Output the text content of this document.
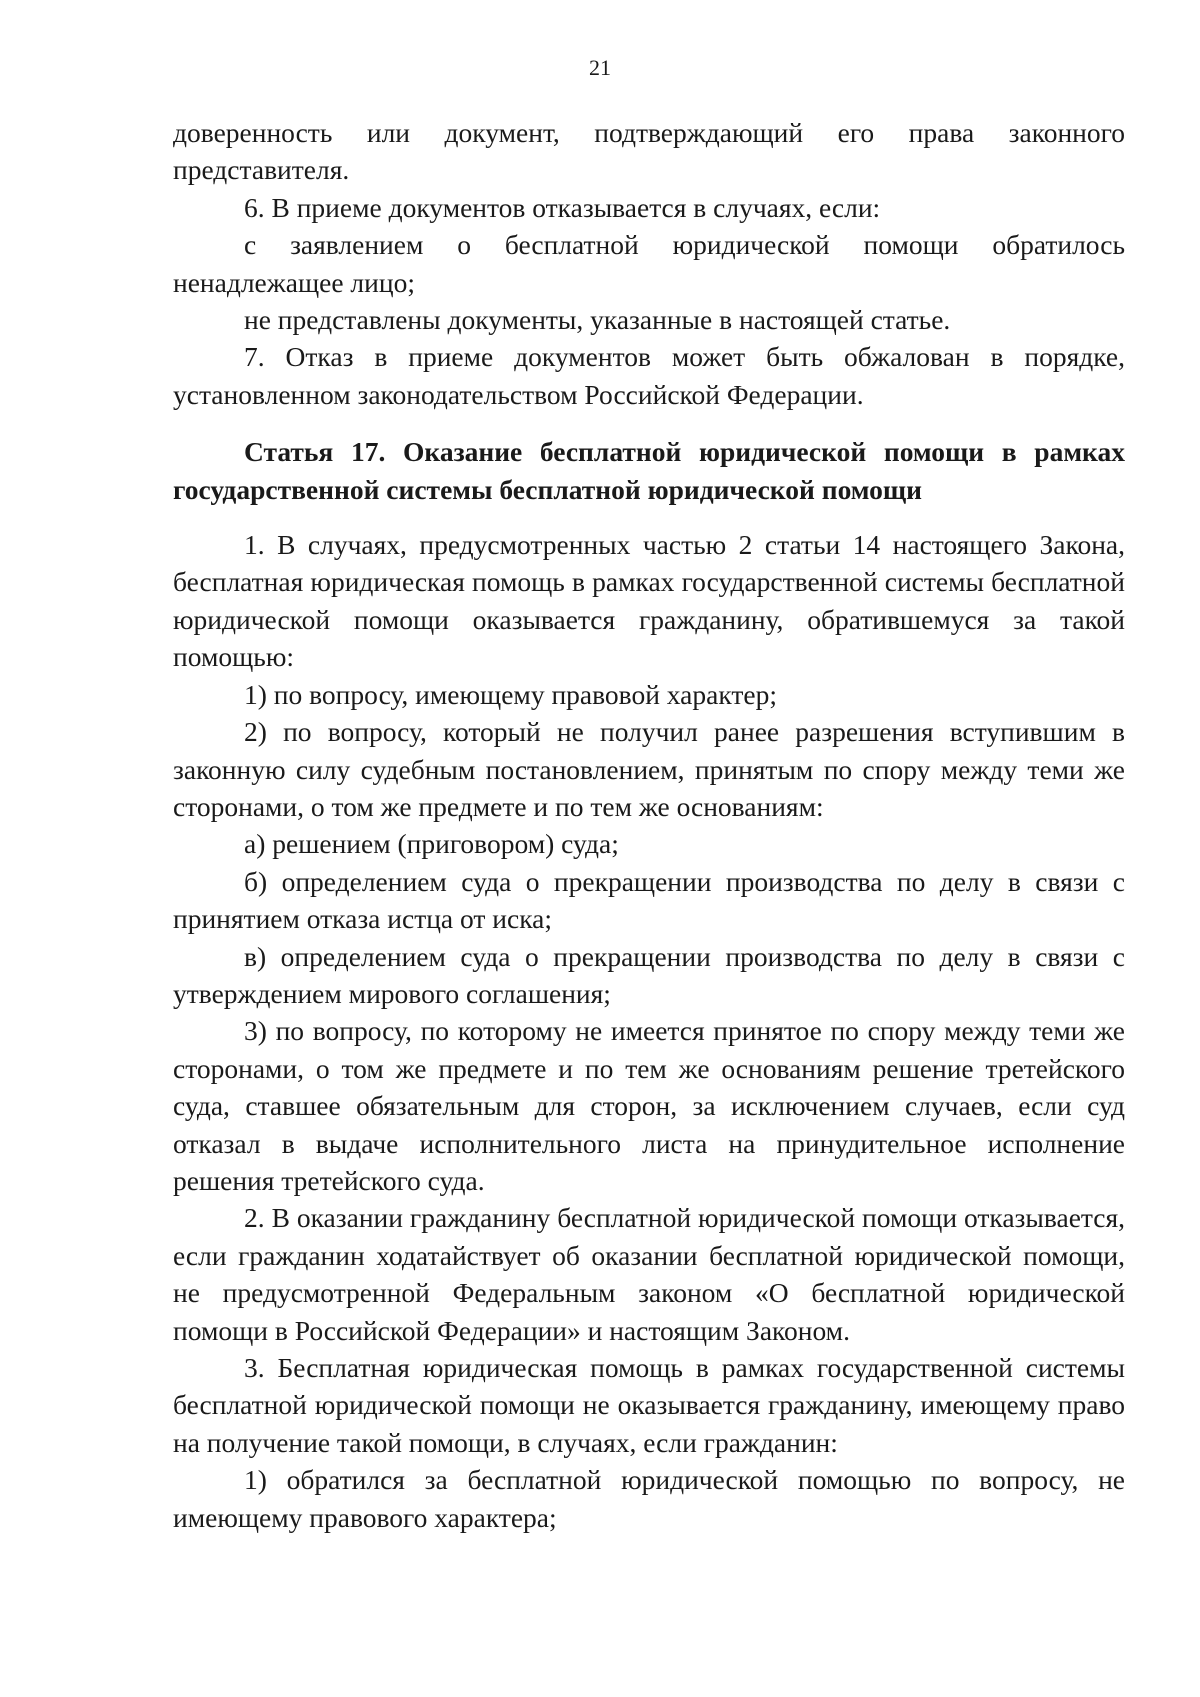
21

доверенность или документ, подтверждающий его права законного представителя.

6. В приеме документов отказывается в случаях, если:

с заявлением о бесплатной юридической помощи обратилось ненадлежащее лицо;

не представлены документы, указанные в настоящей статье.

7. Отказ в приеме документов может быть обжалован в порядке, установленном законодательством Российской Федерации.

Статья 17. Оказание бесплатной юридической помощи в рамках государственной системы бесплатной юридической помощи

1. В случаях, предусмотренных частью 2 статьи 14 настоящего Закона, бесплатная юридическая помощь в рамках государственной системы бесплатной юридической помощи оказывается гражданину, обратившемуся за такой помощью:

1) по вопросу, имеющему правовой характер;

2) по вопросу, который не получил ранее разрешения вступившим в законную силу судебным постановлением, принятым по спору между теми же сторонами, о том же предмете и по тем же основаниям:

а) решением (приговором) суда;

б) определением суда о прекращении производства по делу в связи с принятием отказа истца от иска;

в) определением суда о прекращении производства по делу в связи с утверждением мирового соглашения;

3) по вопросу, по которому не имеется принятое по спору между теми же сторонами, о том же предмете и по тем же основаниям решение третейского суда, ставшее обязательным для сторон, за исключением случаев, если суд отказал в выдаче исполнительного листа на принудительное исполнение решения третейского суда.

2. В оказании гражданину бесплатной юридической помощи отказывается, если гражданин ходатайствует об оказании бесплатной юридической помощи, не предусмотренной Федеральным законом «О бесплатной юридической помощи в Российской Федерации» и настоящим Законом.

3. Бесплатная юридическая помощь в рамках государственной системы бесплатной юридической помощи не оказывается гражданину, имеющему право на получение такой помощи, в случаях, если гражданин:

1) обратился за бесплатной юридической помощью по вопросу, не имеющему правового характера;
